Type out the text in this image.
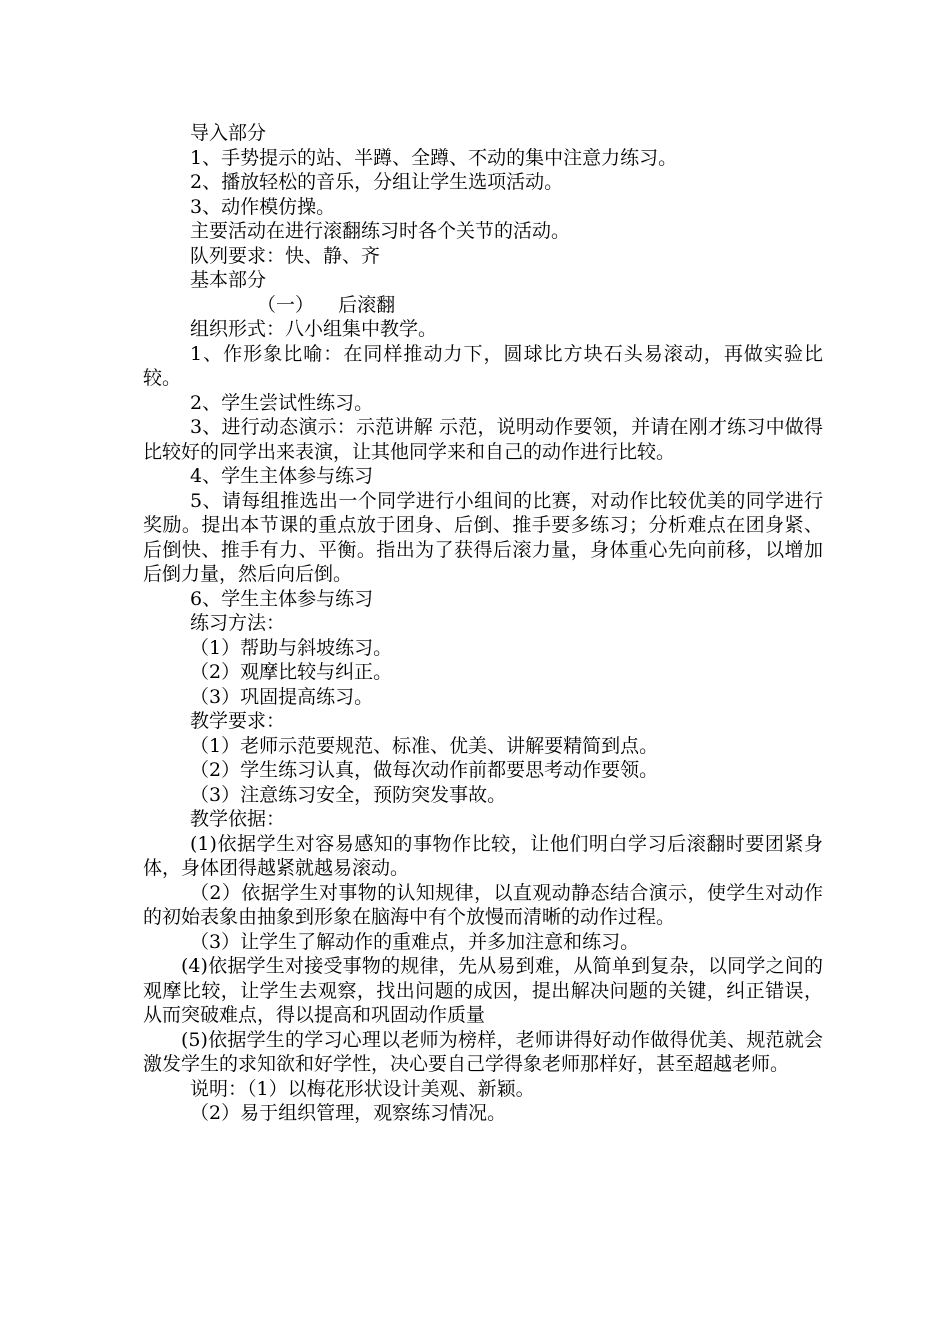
导入部分

1、手势提示的站、半蹲、全蹲、不动的集中注意力练习。

2、播放轻松的音乐，分组让学生选项活动。

3、动作模仿操。

主要活动在进行滚翻练习时各个关节的活动。

队列要求：快、静、齐

基本部分

（一）    后滚翻

组织形式：八小组集中教学。

1、作形象比喻：在同样推动力下，圆球比方块石头易滚动，再做实验比较。

2、学生尝试性练习。

3、进行动态演示：示范讲解 示范，说明动作要领，并请在刚才练习中做得比较好的同学出来表演，让其他同学来和自己的动作进行比较。

4、学生主体参与练习

5、请每组推选出一个同学进行小组间的比赛，对动作比较优美的同学进行奖励。提出本节课的重点放于团身、后倒、推手要多练习；分析难点在团身紧、后倒快、推手有力、平衡。指出为了获得后滚力量，身体重心先向前移，以增加后倒力量，然后向后倒。

6、学生主体参与练习

练习方法：

（1）帮助与斜坡练习。

（2）观摩比较与纠正。

（3）巩固提高练习。

教学要求：

（1）老师示范要规范、标准、优美、讲解要精简到点。

（2）学生练习认真，做每次动作前都要思考动作要领。

（3）注意练习安全，预防突发事故。

教学依据：

(1)依据学生对容易感知的事物作比较，让他们明白学习后滚翻时要团紧身体，身体团得越紧就越易滚动。

（2）依据学生对事物的认知规律，以直观动静态结合演示，使学生对动作的初始表象由抽象到形象在脑海中有个放慢而清晰的动作过程。

（3）让学生了解动作的重难点，并多加注意和练习。

(4)依据学生对接受事物的规律，先从易到难，从简单到复杂，以同学之间的观摩比较，让学生去观察，找出问题的成因，提出解决问题的关键，纠正错误，从而突破难点，得以提高和巩固动作质量

(5)依据学生的学习心理以老师为榜样，老师讲得好动作做得优美、规范就会激发学生的求知欲和好学性，决心要自己学得象老师那样好，甚至超越老师。

说明：（1）以梅花形状设计美观、新颖。

（2）易于组织管理，观察练习情况。
